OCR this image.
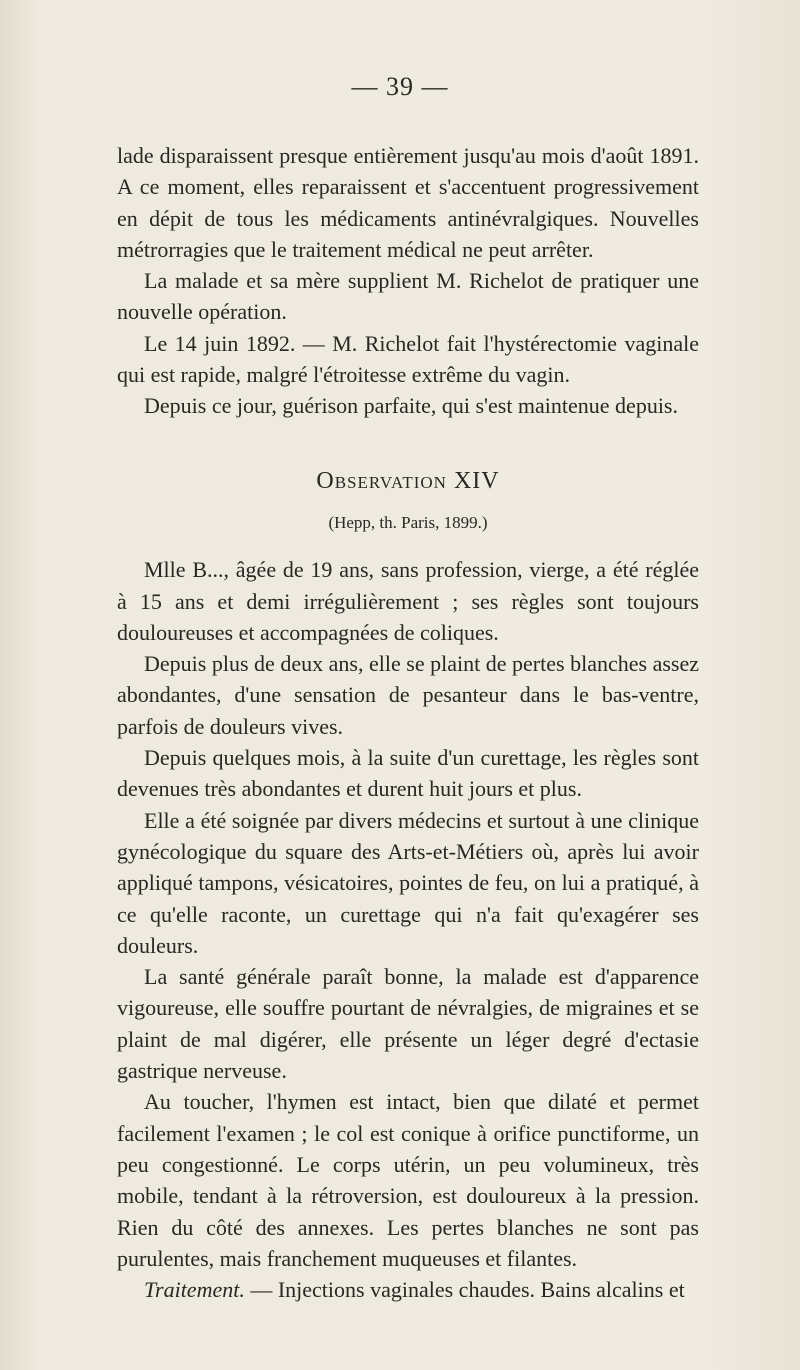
— 39 —

lade disparaissent presque entièrement jusqu'au mois d'août 1891. A ce moment, elles reparaissent et s'accentuent progressivement en dépit de tous les médicaments antinévralgiques. Nouvelles métrorragies que le traitement médical ne peut arrêter.

La malade et sa mère supplient M. Richelot de pratiquer une nouvelle opération.

Le 14 juin 1892. — M. Richelot fait l'hystérectomie vaginale qui est rapide, malgré l'étroitesse extrême du vagin.

Depuis ce jour, guérison parfaite, qui s'est maintenue depuis.

Observation XIV
(Hepp, th. Paris, 1899.)

Mlle B..., âgée de 19 ans, sans profession, vierge, a été réglée à 15 ans et demi irrégulièrement ; ses règles sont toujours douloureuses et accompagnées de coliques.

Depuis plus de deux ans, elle se plaint de pertes blanches assez abondantes, d'une sensation de pesanteur dans le bas-ventre, parfois de douleurs vives.

Depuis quelques mois, à la suite d'un curettage, les règles sont devenues très abondantes et durent huit jours et plus.

Elle a été soignée par divers médecins et surtout à une clinique gynécologique du square des Arts-et-Métiers où, après lui avoir appliqué tampons, vésicatoires, pointes de feu, on lui a pratiqué, à ce qu'elle raconte, un curettage qui n'a fait qu'exagérer ses douleurs.

La santé générale paraît bonne, la malade est d'apparence vigoureuse, elle souffre pourtant de névralgies, de migraines et se plaint de mal digérer, elle présente un léger degré d'ectasie gastrique nerveuse.

Au toucher, l'hymen est intact, bien que dilaté et permet facilement l'examen ; le col est conique à orifice punctiforme, un peu congestionné. Le corps utérin, un peu volumineux, très mobile, tendant à la rétroversion, est douloureux à la pression. Rien du côté des annexes. Les pertes blanches ne sont pas purulentes, mais franchement muqueuses et filantes.

Traitement. — Injections vaginales chaudes. Bains alcalins et
